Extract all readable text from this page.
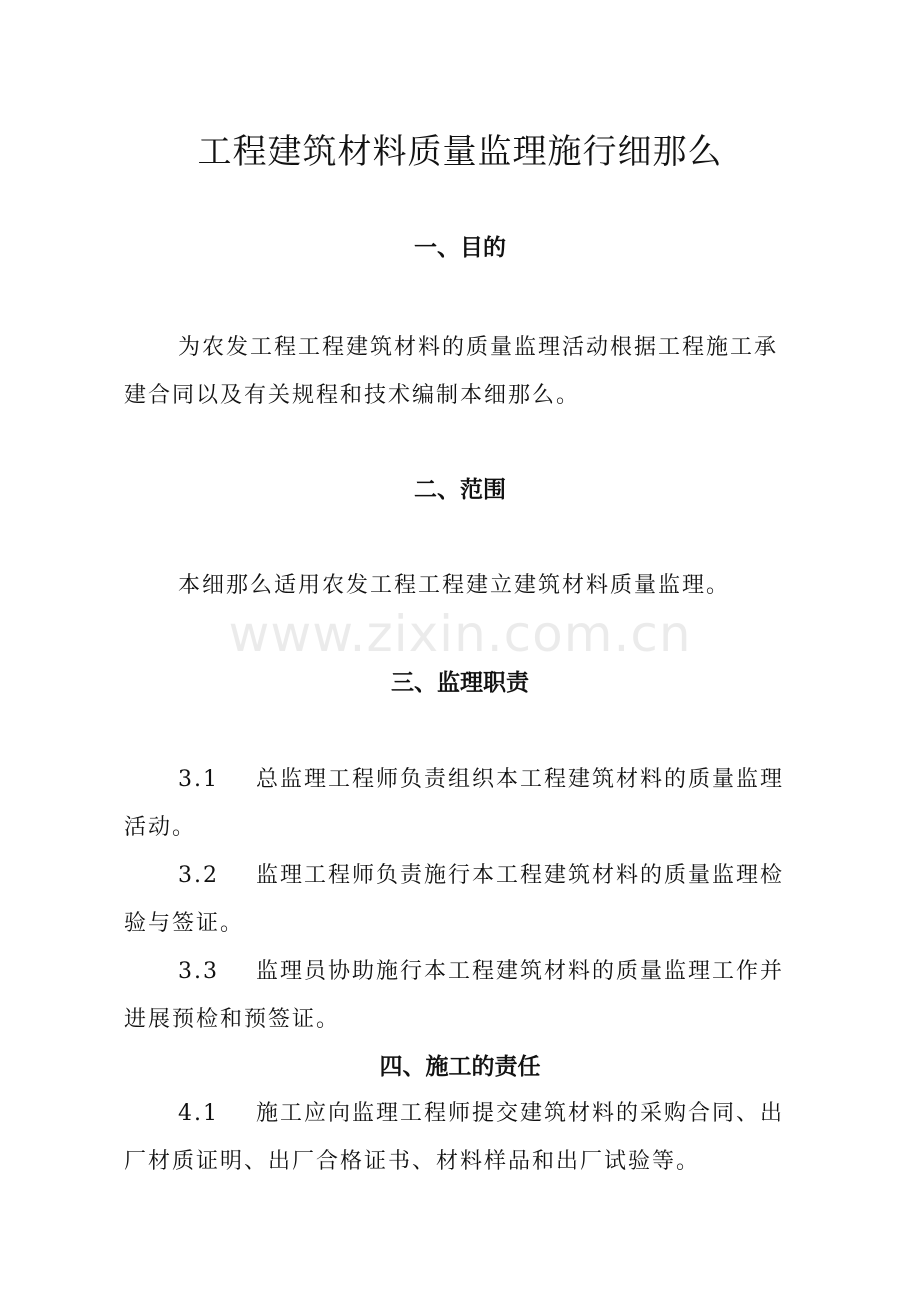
工程建筑材料质量监理施行细那么
一、目的

为农发工程工程建筑材料的质量监理活动根据工程施工承建合同以及有关规程和技术编制本细那么。

二、范围

本细那么适用农发工程工程建立建筑材料质量监理。

www.zixin.com.cn
三、监理职责

3.1 总监理工程师负责组织本工程建筑材料的质量监理活动。

3.2 监理工程师负责施行本工程建筑材料的质量监理检验与签证。

3.3 监理员协助施行本工程建筑材料的质量监理工作并进展预检和预签证。

四、施工的责任

4.1 施工应向监理工程师提交建筑材料的采购合同、出厂材质证明、出厂合格证书、材料样品和出厂试验等。
